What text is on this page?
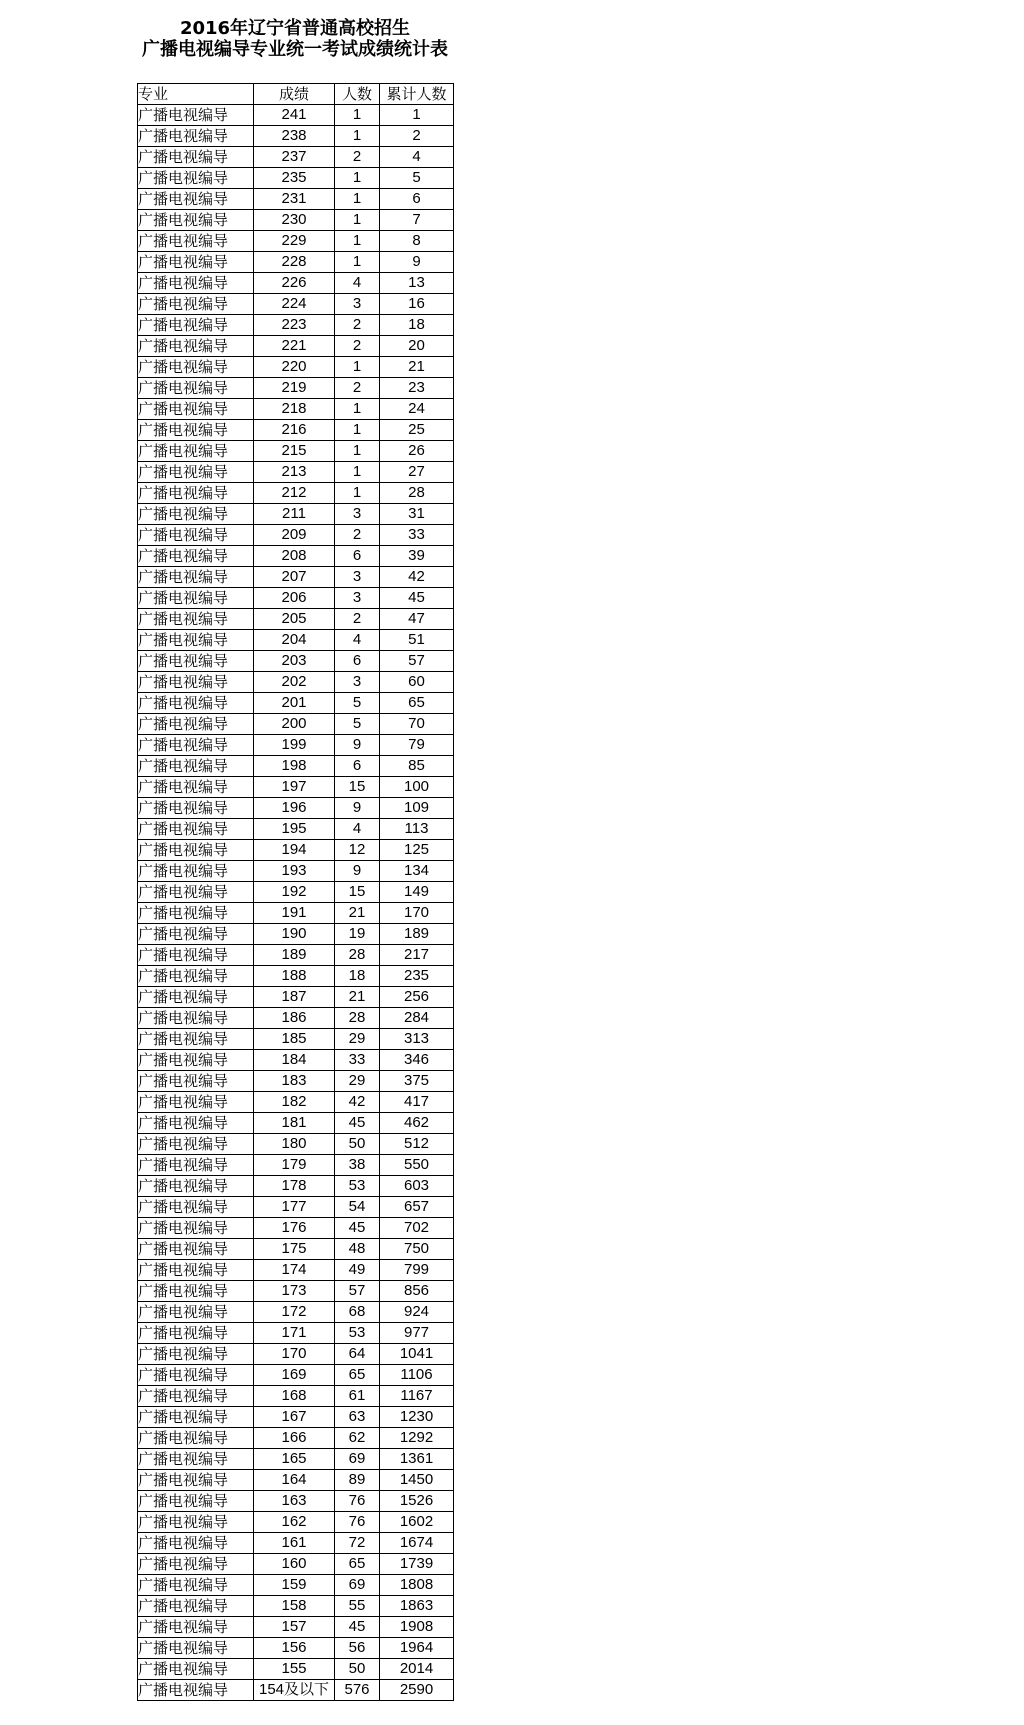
2016年辽宁省普通高校招生
广播电视编导专业统一考试成绩统计表
专业	成绩	人数	累计人数
广播电视编导	241	1	1
广播电视编导	238	1	2
广播电视编导	237	2	4
广播电视编导	235	1	5
广播电视编导	231	1	6
广播电视编导	230	1	7
广播电视编导	229	1	8
广播电视编导	228	1	9
广播电视编导	226	4	13
广播电视编导	224	3	16
广播电视编导	223	2	18
广播电视编导	221	2	20
广播电视编导	220	1	21
广播电视编导	219	2	23
广播电视编导	218	1	24
广播电视编导	216	1	25
广播电视编导	215	1	26
广播电视编导	213	1	27
广播电视编导	212	1	28
广播电视编导	211	3	31
广播电视编导	209	2	33
广播电视编导	208	6	39
广播电视编导	207	3	42
广播电视编导	206	3	45
广播电视编导	205	2	47
广播电视编导	204	4	51
广播电视编导	203	6	57
广播电视编导	202	3	60
广播电视编导	201	5	65
广播电视编导	200	5	70
广播电视编导	199	9	79
广播电视编导	198	6	85
广播电视编导	197	15	100
广播电视编导	196	9	109
广播电视编导	195	4	113
广播电视编导	194	12	125
广播电视编导	193	9	134
广播电视编导	192	15	149
广播电视编导	191	21	170
广播电视编导	190	19	189
广播电视编导	189	28	217
广播电视编导	188	18	235
广播电视编导	187	21	256
广播电视编导	186	28	284
广播电视编导	185	29	313
广播电视编导	184	33	346
广播电视编导	183	29	375
广播电视编导	182	42	417
广播电视编导	181	45	462
广播电视编导	180	50	512
广播电视编导	179	38	550
广播电视编导	178	53	603
广播电视编导	177	54	657
广播电视编导	176	45	702
广播电视编导	175	48	750
广播电视编导	174	49	799
广播电视编导	173	57	856
广播电视编导	172	68	924
广播电视编导	171	53	977
广播电视编导	170	64	1041
广播电视编导	169	65	1106
广播电视编导	168	61	1167
广播电视编导	167	63	1230
广播电视编导	166	62	1292
广播电视编导	165	69	1361
广播电视编导	164	89	1450
广播电视编导	163	76	1526
广播电视编导	162	76	1602
广播电视编导	161	72	1674
广播电视编导	160	65	1739
广播电视编导	159	69	1808
广播电视编导	158	55	1863
广播电视编导	157	45	1908
广播电视编导	156	56	1964
广播电视编导	155	50	2014
广播电视编导	154及以下	576	2590
